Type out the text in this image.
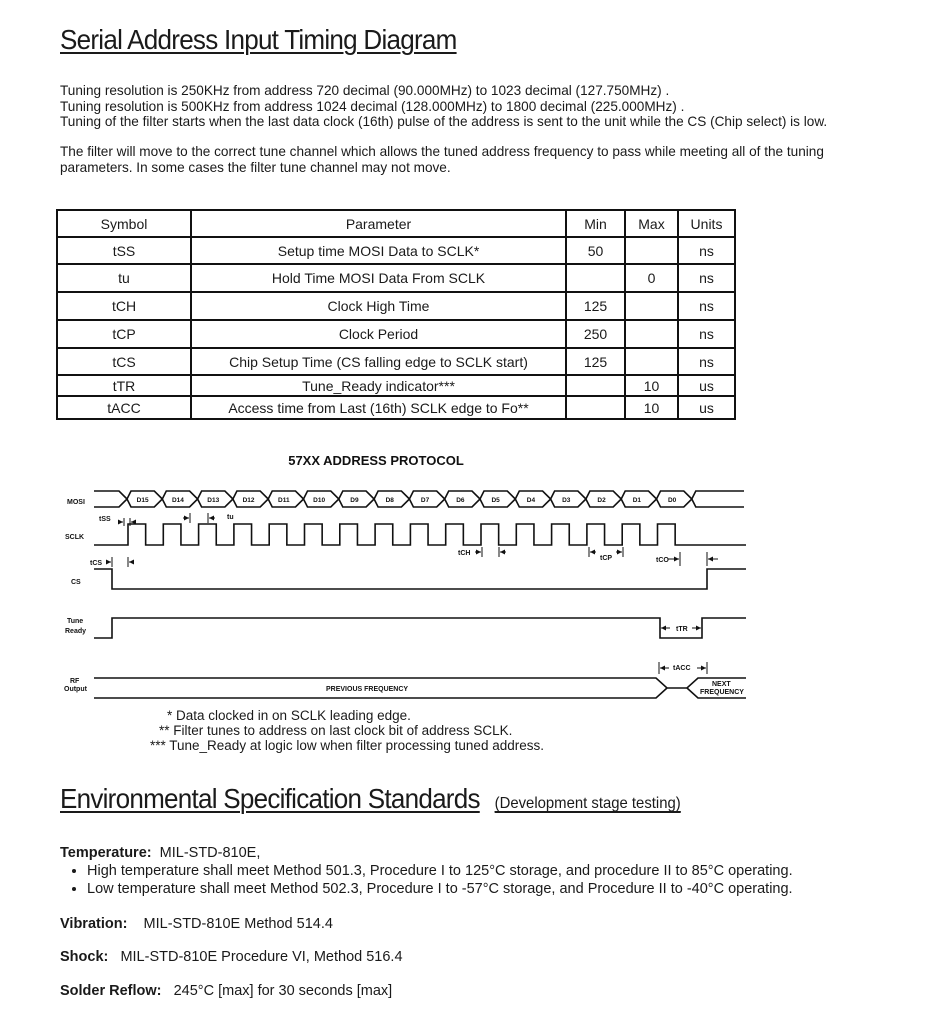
Serial Address Input Timing Diagram
Tuning resolution is 250KHz from address 720 decimal (90.000MHz) to 1023 decimal (127.750MHz) .
Tuning resolution is 500KHz from address 1024 decimal (128.000MHz) to 1800 decimal (225.000MHz) .
Tuning of the filter starts when the last data clock (16th) pulse of the address is sent to the unit while the CS (Chip select) is low.
The filter will move to the correct tune channel which allows the tuned address frequency to pass while meeting all of the tuning
parameters. In some cases the filter tune channel may not move.
Symbol	Parameter	Min	Max	Units
tSS	Setup time MOSI Data to SCLK*	50		ns
tu	Hold Time MOSI Data From SCLK		0	ns
tCH	Clock High Time	125		ns
tCP	Clock Period	250		ns
tCS	Chip Setup Time (CS falling edge to SCLK start)	125		ns
tTR	Tune_Ready indicator***		10	us
tACC	Access time from Last (16th) SCLK edge to Fo**		10	us
57XX ADDRESS PROTOCOL
MOSI
SCLK
CS
Tune
Ready
RF
Output
D15	D14	D13	D12	D11	D10	D9	D8	D7	D6	D5	D4	D3	D2	D1	D0
tSS	tu
tCS
tCH
tCP	tCO
tTR
tACC
PREVIOUS FREQUENCY
NEXT
FREQUENCY
* Data clocked in on SCLK leading edge.
** Filter tunes to address on last clock bit of address SCLK.
*** Tune_Ready at logic low when filter processing tuned address.
Environmental Specification Standards (Development stage testing)
Temperature: MIL-STD-810E,
• High temperature shall meet Method 501.3, Procedure I to 125°C storage, and procedure II to 85°C operating.
• Low temperature shall meet Method 502.3, Procedure I to -57°C storage, and Procedure II to -40°C operating.
Vibration: MIL-STD-810E Method 514.4
Shock: MIL-STD-810E Procedure VI, Method 516.4
Solder Reflow: 245°C [max] for 30 seconds [max]
